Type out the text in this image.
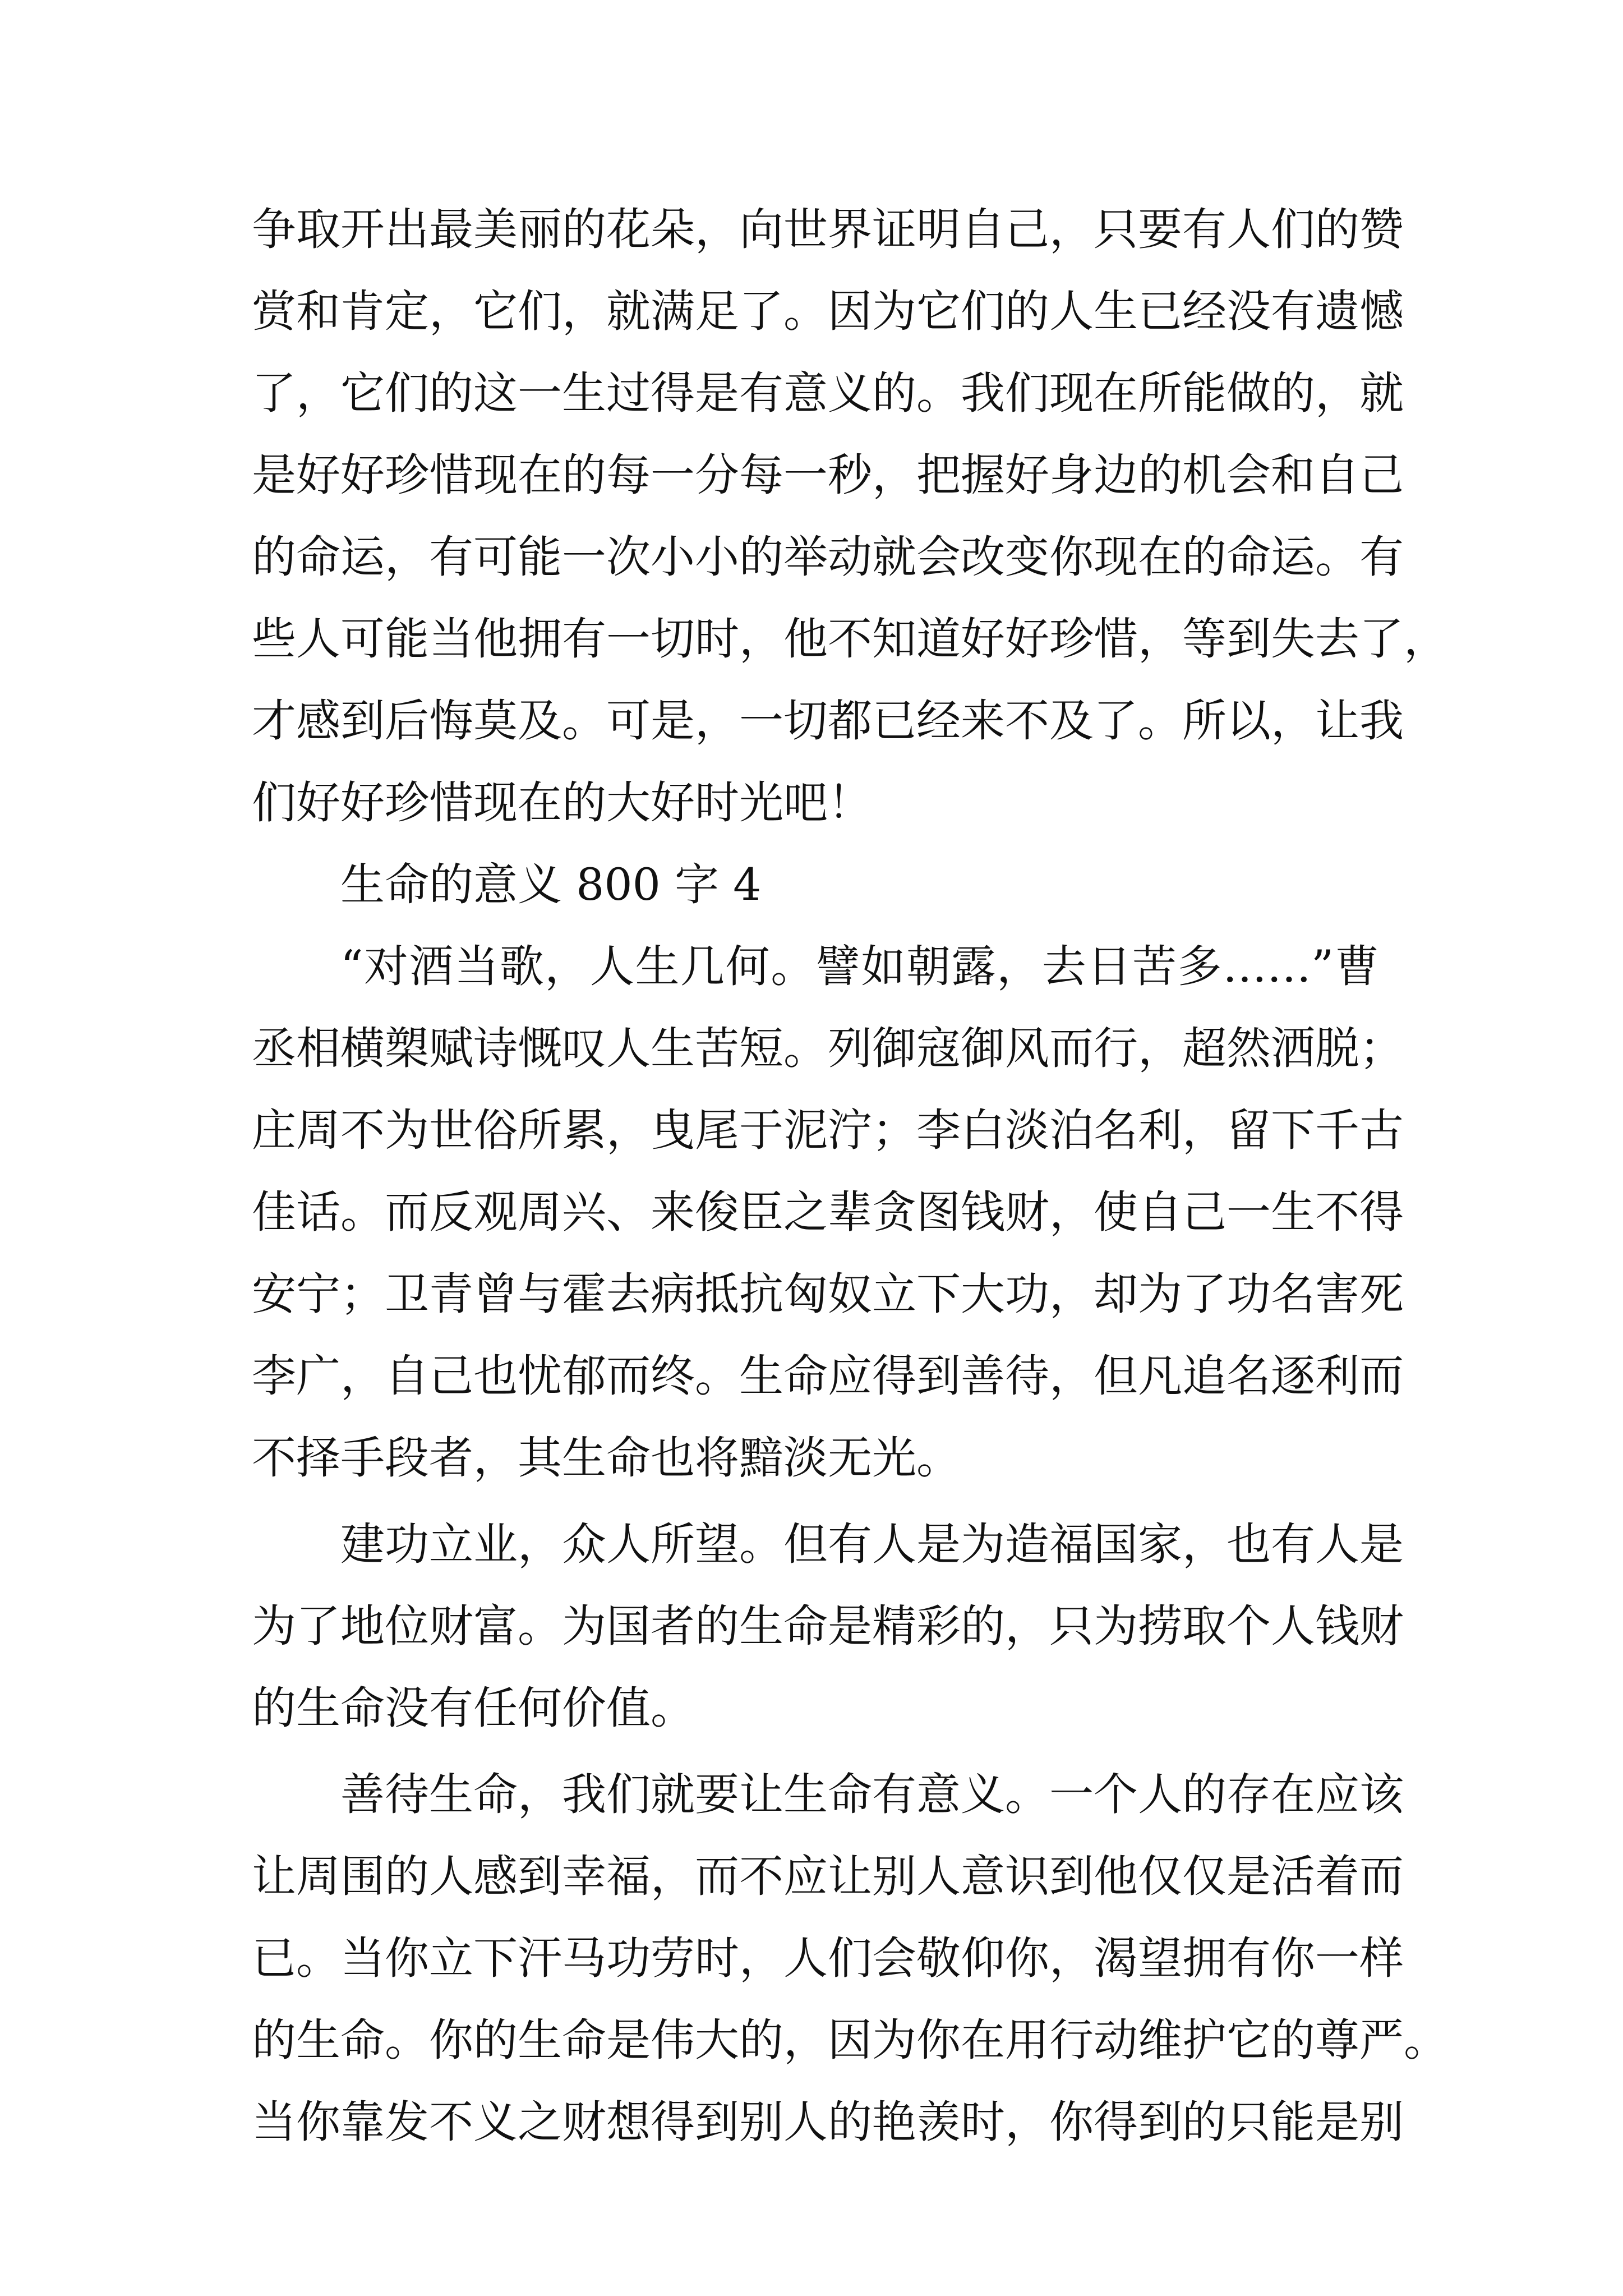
争取开出最美丽的花朵，向世界证明自己，只要有人们的赞
赏和肯定，它们，就满足了。因为它们的人生已经没有遗憾
了，它们的这一生过得是有意义的。我们现在所能做的，就
是好好珍惜现在的每一分每一秒，把握好身边的机会和自己
的命运，有可能一次小小的举动就会改变你现在的命运。有
些人可能当他拥有一切时，他不知道好好珍惜，等到失去了，
才感到后悔莫及。可是，一切都已经来不及了。所以，让我
们好好珍惜现在的大好时光吧！
生命的意义 800 字 4
“对酒当歌，人生几何。譬如朝露，去日苦多……”曹
丞相横槊赋诗慨叹人生苦短。列御寇御风而行，超然洒脱；
庄周不为世俗所累，曳尾于泥泞；李白淡泊名利，留下千古
佳话。而反观周兴、来俊臣之辈贪图钱财，使自己一生不得
安宁；卫青曾与霍去病抵抗匈奴立下大功，却为了功名害死
李广，自己也忧郁而终。生命应得到善待，但凡追名逐利而
不择手段者，其生命也将黯淡无光。
建功立业，众人所望。但有人是为造福国家，也有人是
为了地位财富。为国者的生命是精彩的，只为捞取个人钱财
的生命没有任何价值。
善待生命，我们就要让生命有意义。一个人的存在应该
让周围的人感到幸福，而不应让别人意识到他仅仅是活着而
已。当你立下汗马功劳时，人们会敬仰你，渴望拥有你一样
的生命。你的生命是伟大的，因为你在用行动维护它的尊严。
当你靠发不义之财想得到别人的艳羡时，你得到的只能是别
